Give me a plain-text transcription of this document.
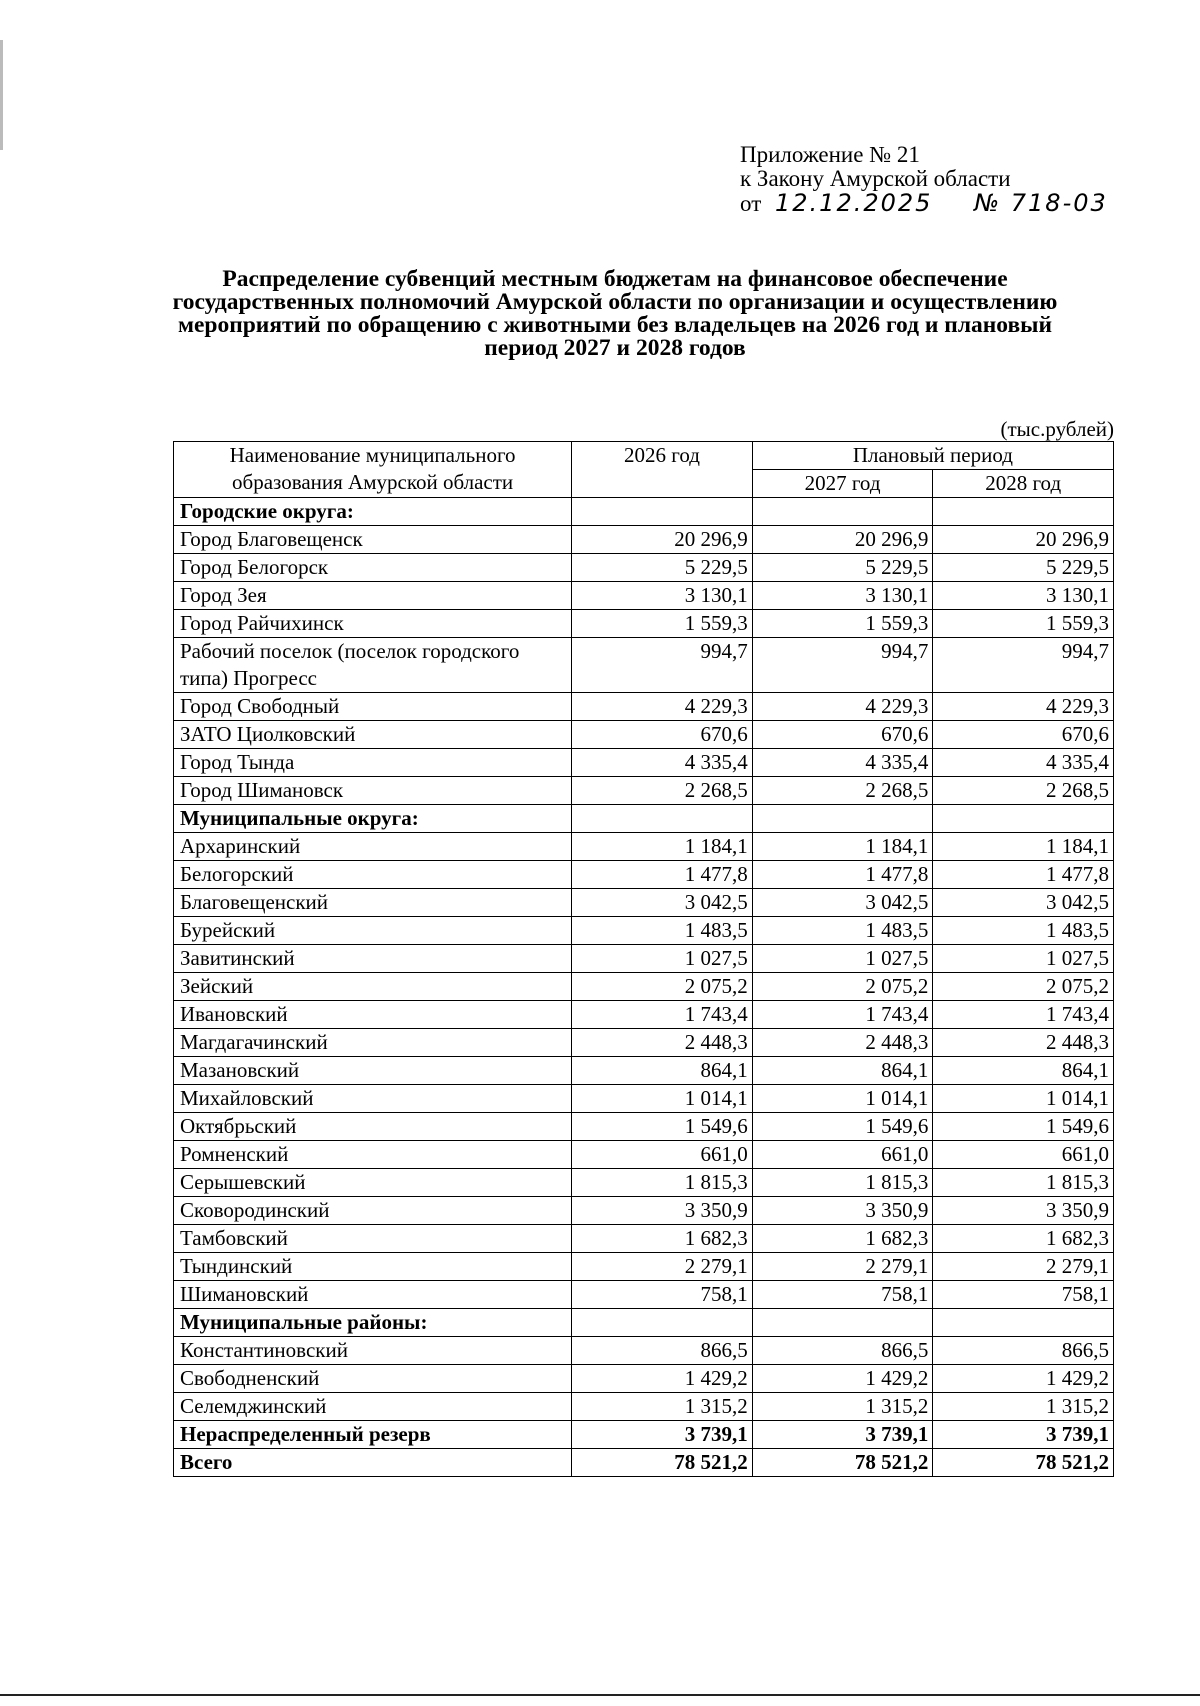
Приложение № 21
к Закону Амурской области
от 12.12.2025 № 718-03
Распределение субвенций местным бюджетам на финансовое обеспечение государственных полномочий Амурской области по организации и осуществлению мероприятий по обращению с животными без владельцев на 2026 год и плановый период 2027 и 2028 годов
(тыс.рублей)
Наименование муниципального образования Амурской области	2026 год	Плановый период	
		2027 год	2028 год
Городские округа:			
Город Благовещенск	20 296,9	20 296,9	20 296,9
Город Белогорск	5 229,5	5 229,5	5 229,5
Город Зея	3 130,1	3 130,1	3 130,1
Город Райчихинск	1 559,3	1 559,3	1 559,3
Рабочий поселок (поселок городского типа) Прогресс	994,7	994,7	994,7
Город Свободный	4 229,3	4 229,3	4 229,3
ЗАТО Циолковский	670,6	670,6	670,6
Город Тында	4 335,4	4 335,4	4 335,4
Город Шимановск	2 268,5	2 268,5	2 268,5
Муниципальные округа:			
Архаринский	1 184,1	1 184,1	1 184,1
Белогорский	1 477,8	1 477,8	1 477,8
Благовещенский	3 042,5	3 042,5	3 042,5
Бурейский	1 483,5	1 483,5	1 483,5
Завитинский	1 027,5	1 027,5	1 027,5
Зейский	2 075,2	2 075,2	2 075,2
Ивановский	1 743,4	1 743,4	1 743,4
Магдагачинский	2 448,3	2 448,3	2 448,3
Мазановский	864,1	864,1	864,1
Михайловский	1 014,1	1 014,1	1 014,1
Октябрьский	1 549,6	1 549,6	1 549,6
Ромненский	661,0	661,0	661,0
Серышевский	1 815,3	1 815,3	1 815,3
Сковородинский	3 350,9	3 350,9	3 350,9
Тамбовский	1 682,3	1 682,3	1 682,3
Тындинский	2 279,1	2 279,1	2 279,1
Шимановский	758,1	758,1	758,1
Муниципальные районы:			
Константиновский	866,5	866,5	866,5
Свободненский	1 429,2	1 429,2	1 429,2
Селемджинский	1 315,2	1 315,2	1 315,2
Нераспределенный резерв	3 739,1	3 739,1	3 739,1
Всего	78 521,2	78 521,2	78 521,2
